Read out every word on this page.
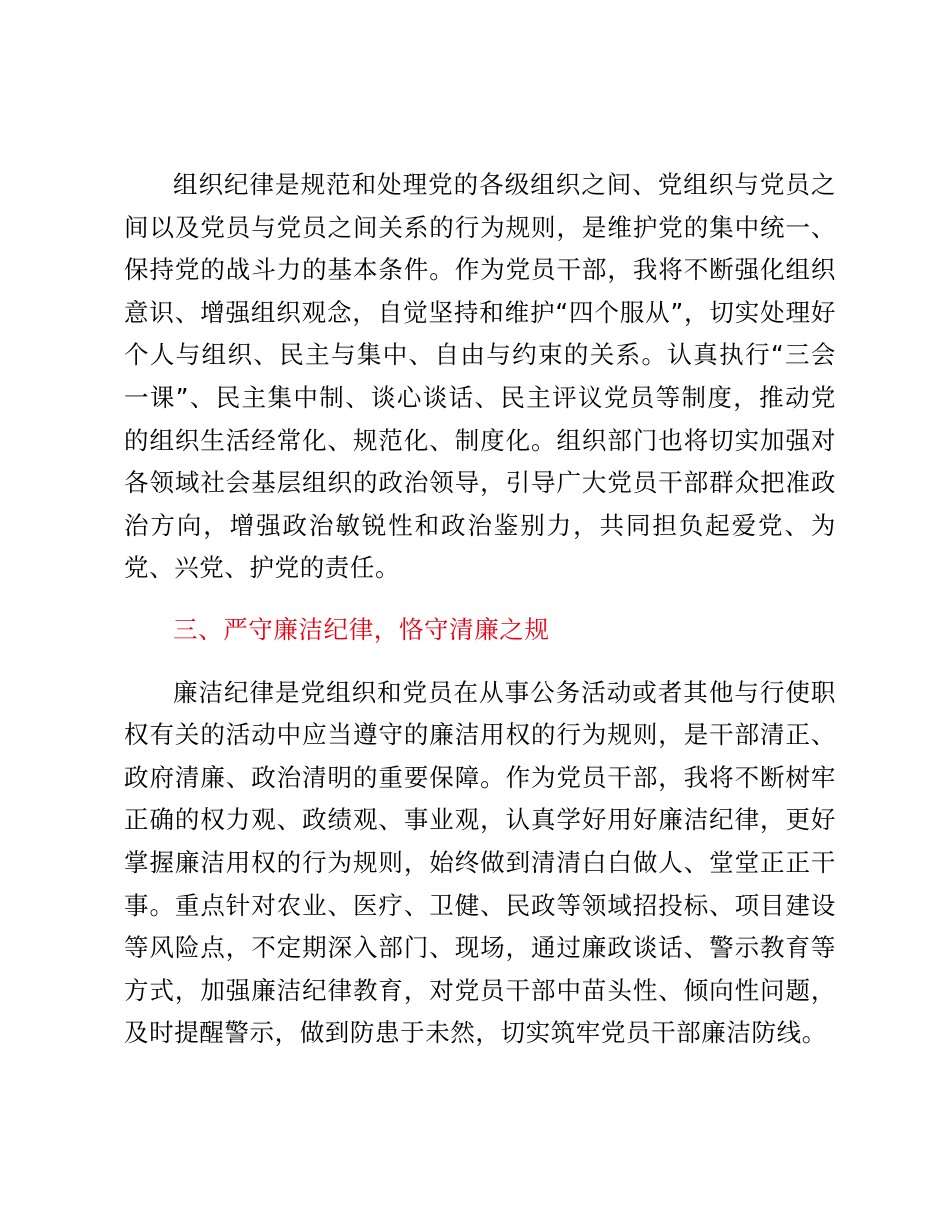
组织纪律是规范和处理党的各级组织之间、党组织与党员之间以及党员与党员之间关系的行为规则，是维护党的集中统一、保持党的战斗力的基本条件。作为党员干部，我将不断强化组织意识、增强组织观念，自觉坚持和维护“四个服从”，切实处理好个人与组织、民主与集中、自由与约束的关系。认真执行“三会一课”、民主集中制、谈心谈话、民主评议党员等制度，推动党的组织生活经常化、规范化、制度化。组织部门也将切实加强对各领域社会基层组织的政治领导，引导广大党员干部群众把准政治方向，增强政治敏锐性和政治鉴别力，共同担负起爱党、为党、兴党、护党的责任。

三、严守廉洁纪律，恪守清廉之规

廉洁纪律是党组织和党员在从事公务活动或者其他与行使职权有关的活动中应当遵守的廉洁用权的行为规则，是干部清正、政府清廉、政治清明的重要保障。作为党员干部，我将不断树牢正确的权力观、政绩观、事业观，认真学好用好廉洁纪律，更好掌握廉洁用权的行为规则，始终做到清清白白做人、堂堂正正干事。重点针对农业、医疗、卫健、民政等领域招投标、项目建设等风险点，不定期深入部门、现场，通过廉政谈话、警示教育等方式，加强廉洁纪律教育，对党员干部中苗头性、倾向性问题，及时提醒警示，做到防患于未然，切实筑牢党员干部廉洁防线。
